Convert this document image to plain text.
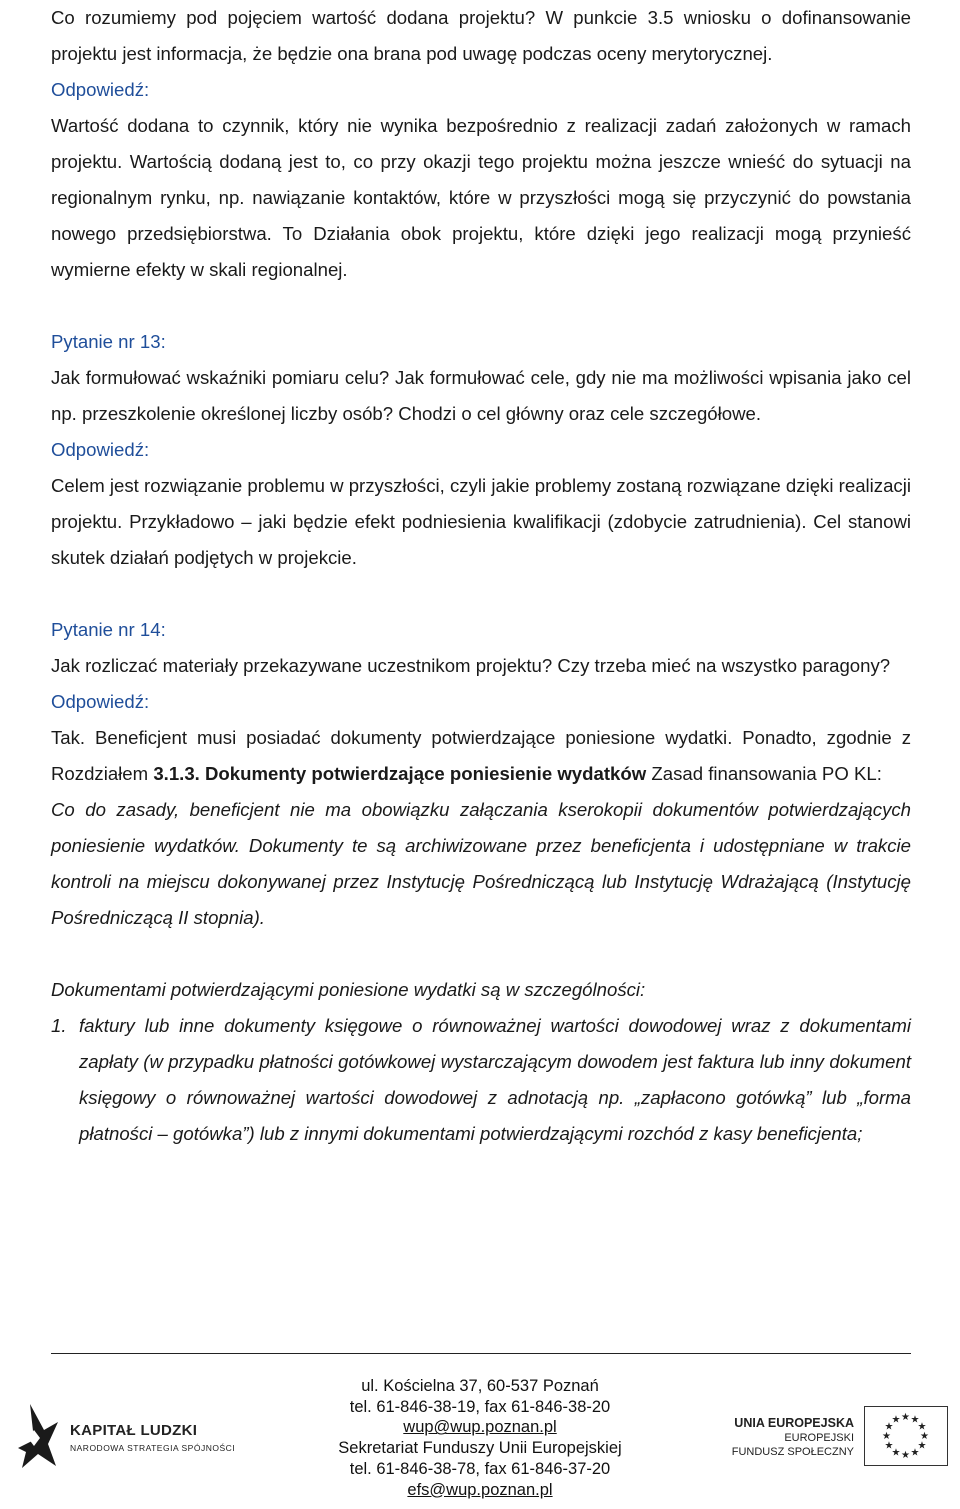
Co rozumiemy pod pojęciem wartość dodana projektu? W punkcie 3.5 wniosku o dofinansowanie projektu jest informacja, że będzie ona brana pod uwagę podczas oceny merytorycznej.

Odpowiedź:

Wartość dodana to czynnik, który nie wynika bezpośrednio z realizacji zadań założonych w ramach projektu. Wartością dodaną jest to, co przy okazji tego projektu można jeszcze wnieść do sytuacji na regionalnym rynku, np. nawiązanie kontaktów, które w przyszłości mogą się przyczynić do powstania nowego przedsiębiorstwa. To Działania obok projektu, które dzięki jego realizacji mogą przynieść wymierne efekty w skali regionalnej.

Pytanie nr 13:

Jak formułować wskaźniki pomiaru celu? Jak formułować cele, gdy nie ma możliwości wpisania jako cel np. przeszkolenie określonej liczby osób? Chodzi o cel główny oraz cele szczegółowe.

Odpowiedź:

Celem jest rozwiązanie problemu w przyszłości, czyli jakie problemy zostaną rozwiązane dzięki realizacji projektu. Przykładowo – jaki będzie efekt podniesienia kwalifikacji (zdobycie zatrudnienia). Cel stanowi skutek działań podjętych w projekcie.

Pytanie nr 14:

Jak rozliczać materiały przekazywane uczestnikom projektu? Czy trzeba mieć na wszystko paragony?

Odpowiedź:

Tak. Beneficjent musi posiadać dokumenty potwierdzające poniesione wydatki. Ponadto, zgodnie z Rozdziałem 3.1.3. Dokumenty potwierdzające poniesienie wydatków Zasad finansowania PO KL:

Co do zasady, beneficjent nie ma obowiązku załączania kserokopii dokumentów potwierdzających poniesienie wydatków. Dokumenty te są archiwizowane przez beneficjenta i udostępniane w trakcie kontroli na miejscu dokonywanej przez Instytucję Pośredniczącą lub Instytucję Wdrażającą (Instytucję Pośredniczącą II stopnia).

Dokumentami potwierdzającymi poniesione wydatki są w szczególności:

1. faktury lub inne dokumenty księgowe o równoważnej wartości dowodowej wraz z dokumentami zapłaty (w przypadku płatności gotówkowej wystarczającym dowodem jest faktura lub inny dokument księgowy o równoważnej wartości dowodowej z adnotacją np. „zapłacono gotówką” lub „forma płatności – gotówka”) lub z innymi dokumentami potwierdzającymi rozchód z kasy beneficjenta;
KAPITAŁ LUDZKI
NARODOWA STRATEGIA SPÓJNOŚCI
ul. Kościelna 37, 60-537 Poznań
tel. 61-846-38-19, fax 61-846-38-20
wup@wup.poznan.pl
Sekretariat Funduszy Unii Europejskiej
tel. 61-846-38-78, fax 61-846-37-20
efs@wup.poznan.pl
UNIA EUROPEJSKA
EUROPEJSKI
FUNDUSZ SPOŁECZNY
★ ★
★
★
★
★
★
★
★
★
★
★
